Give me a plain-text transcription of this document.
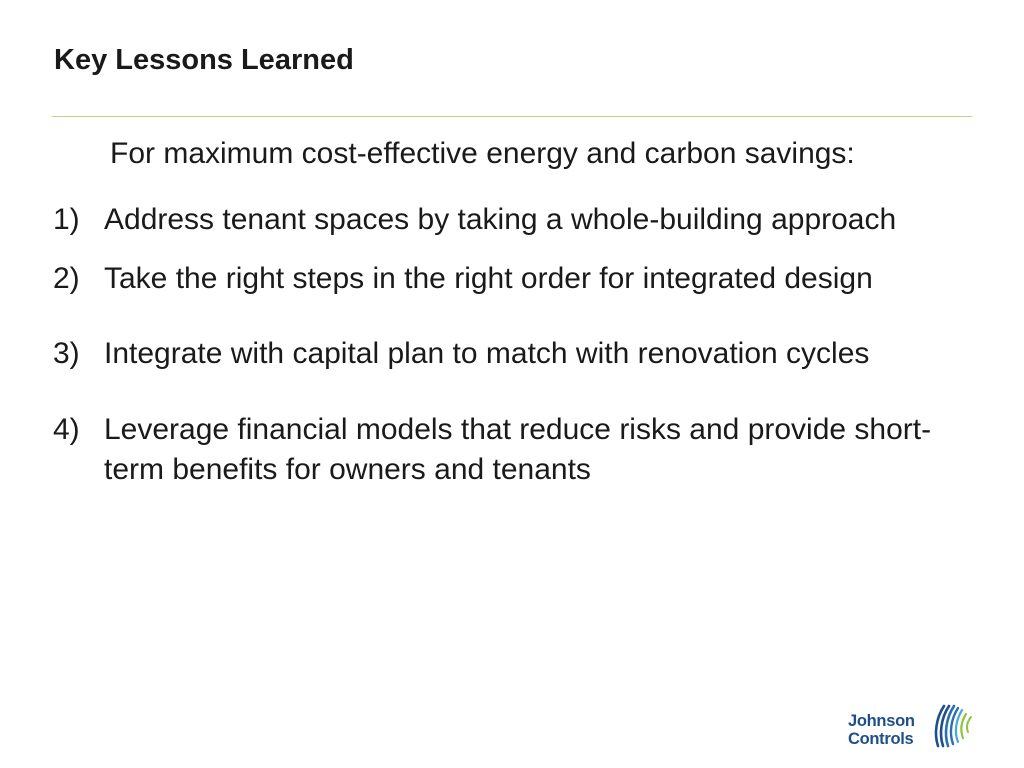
Key Lessons Learned

For maximum cost-effective energy and carbon savings:

1) Address tenant spaces by taking a whole-building approach
2) Take the right steps in the right order for integrated design
3) Integrate with capital plan to match with renovation cycles
4) Leverage financial models that reduce risks and provide short-term benefits for owners and tenants
Johnson
Controls
